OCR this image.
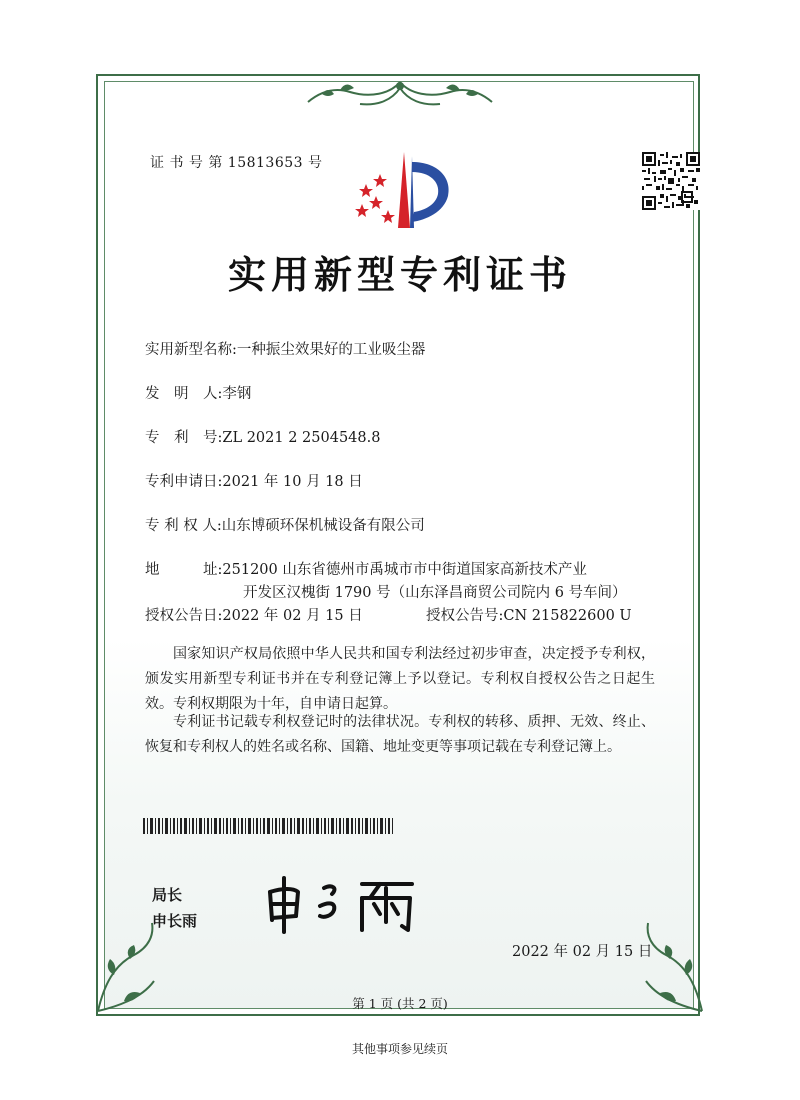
证 书 号 第 15813653 号
实用新型专利证书
实用新型名称:一种振尘效果好的工业吸尘器
发　明　人:李钢
专　利　号:ZL 2021 2 2504548.8
专利申请日:2021 年 10 月 18 日
专 利 权 人:山东博硕环保机械设备有限公司
地　　　址:251200 山东省德州市禹城市市中街道国家高新技术产业
开发区汉槐街 1790 号（山东泽昌商贸公司院内 6 号车间）
授权公告日:2022 年 02 月 15 日	授权公告号:CN 215822600 U
国家知识产权局依照中华人民共和国专利法经过初步审查，决定授予专利权，颁发实用新型专利证书并在专利登记簿上予以登记。专利权自授权公告之日起生效。专利权期限为十年，自申请日起算。
专利证书记载专利权登记时的法律状况。专利权的转移、质押、无效、终止、恢复和专利权人的姓名或名称、国籍、地址变更等事项记载在专利登记簿上。
局长
申长雨
2022 年 02 月 15 日
第 1 页 (共 2 页)
其他事项参见续页
